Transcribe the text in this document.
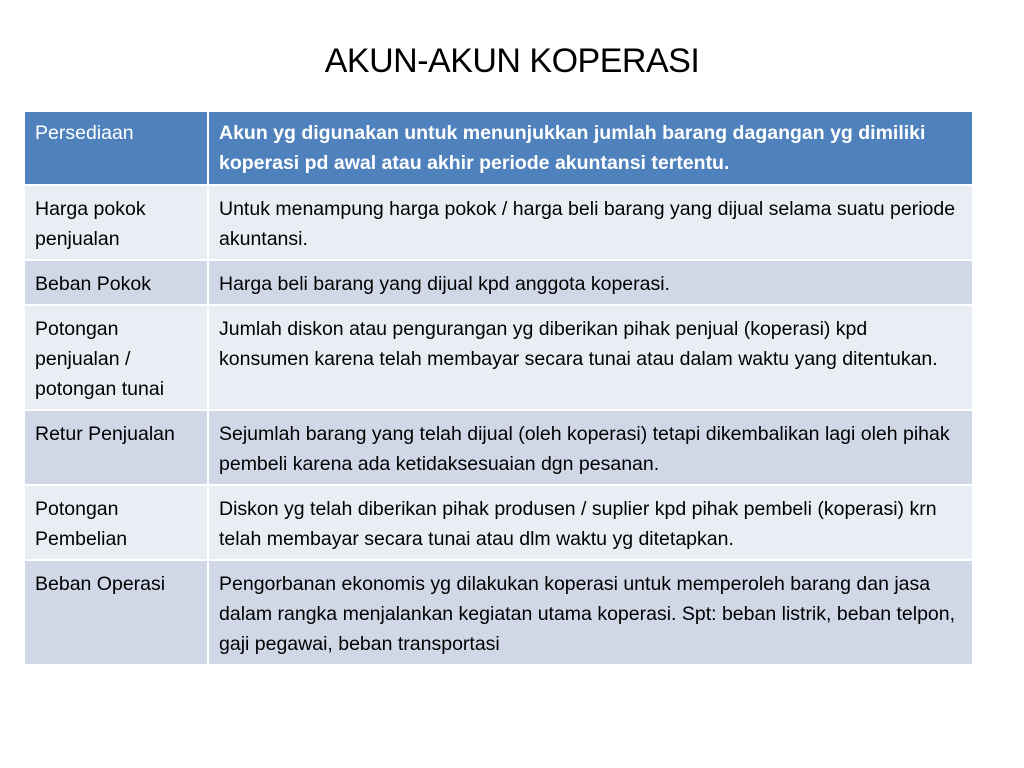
AKUN-AKUN KOPERASI
Persediaan	Akun yg digunakan untuk menunjukkan jumlah barang dagangan yg dimiliki koperasi pd awal atau akhir periode akuntansi tertentu.
Harga pokok penjualan	Untuk menampung harga pokok / harga beli barang yang dijual selama suatu periode akuntansi.
Beban Pokok	Harga beli barang yang dijual kpd anggota koperasi.
Potongan penjualan / potongan tunai	Jumlah diskon atau pengurangan yg diberikan pihak penjual (koperasi) kpd konsumen karena telah membayar secara tunai atau dalam waktu yang ditentukan.
Retur Penjualan	Sejumlah barang yang telah dijual (oleh koperasi) tetapi dikembalikan lagi oleh pihak pembeli karena ada ketidaksesuaian dgn pesanan.
Potongan Pembelian	Diskon yg telah diberikan pihak produsen / suplier kpd pihak pembeli (koperasi) krn telah membayar secara tunai atau dlm waktu yg ditetapkan.
Beban Operasi	Pengorbanan ekonomis yg dilakukan koperasi untuk memperoleh barang dan jasa dalam rangka menjalankan kegiatan utama koperasi. Spt: beban listrik, beban telpon, gaji pegawai, beban transportasi
